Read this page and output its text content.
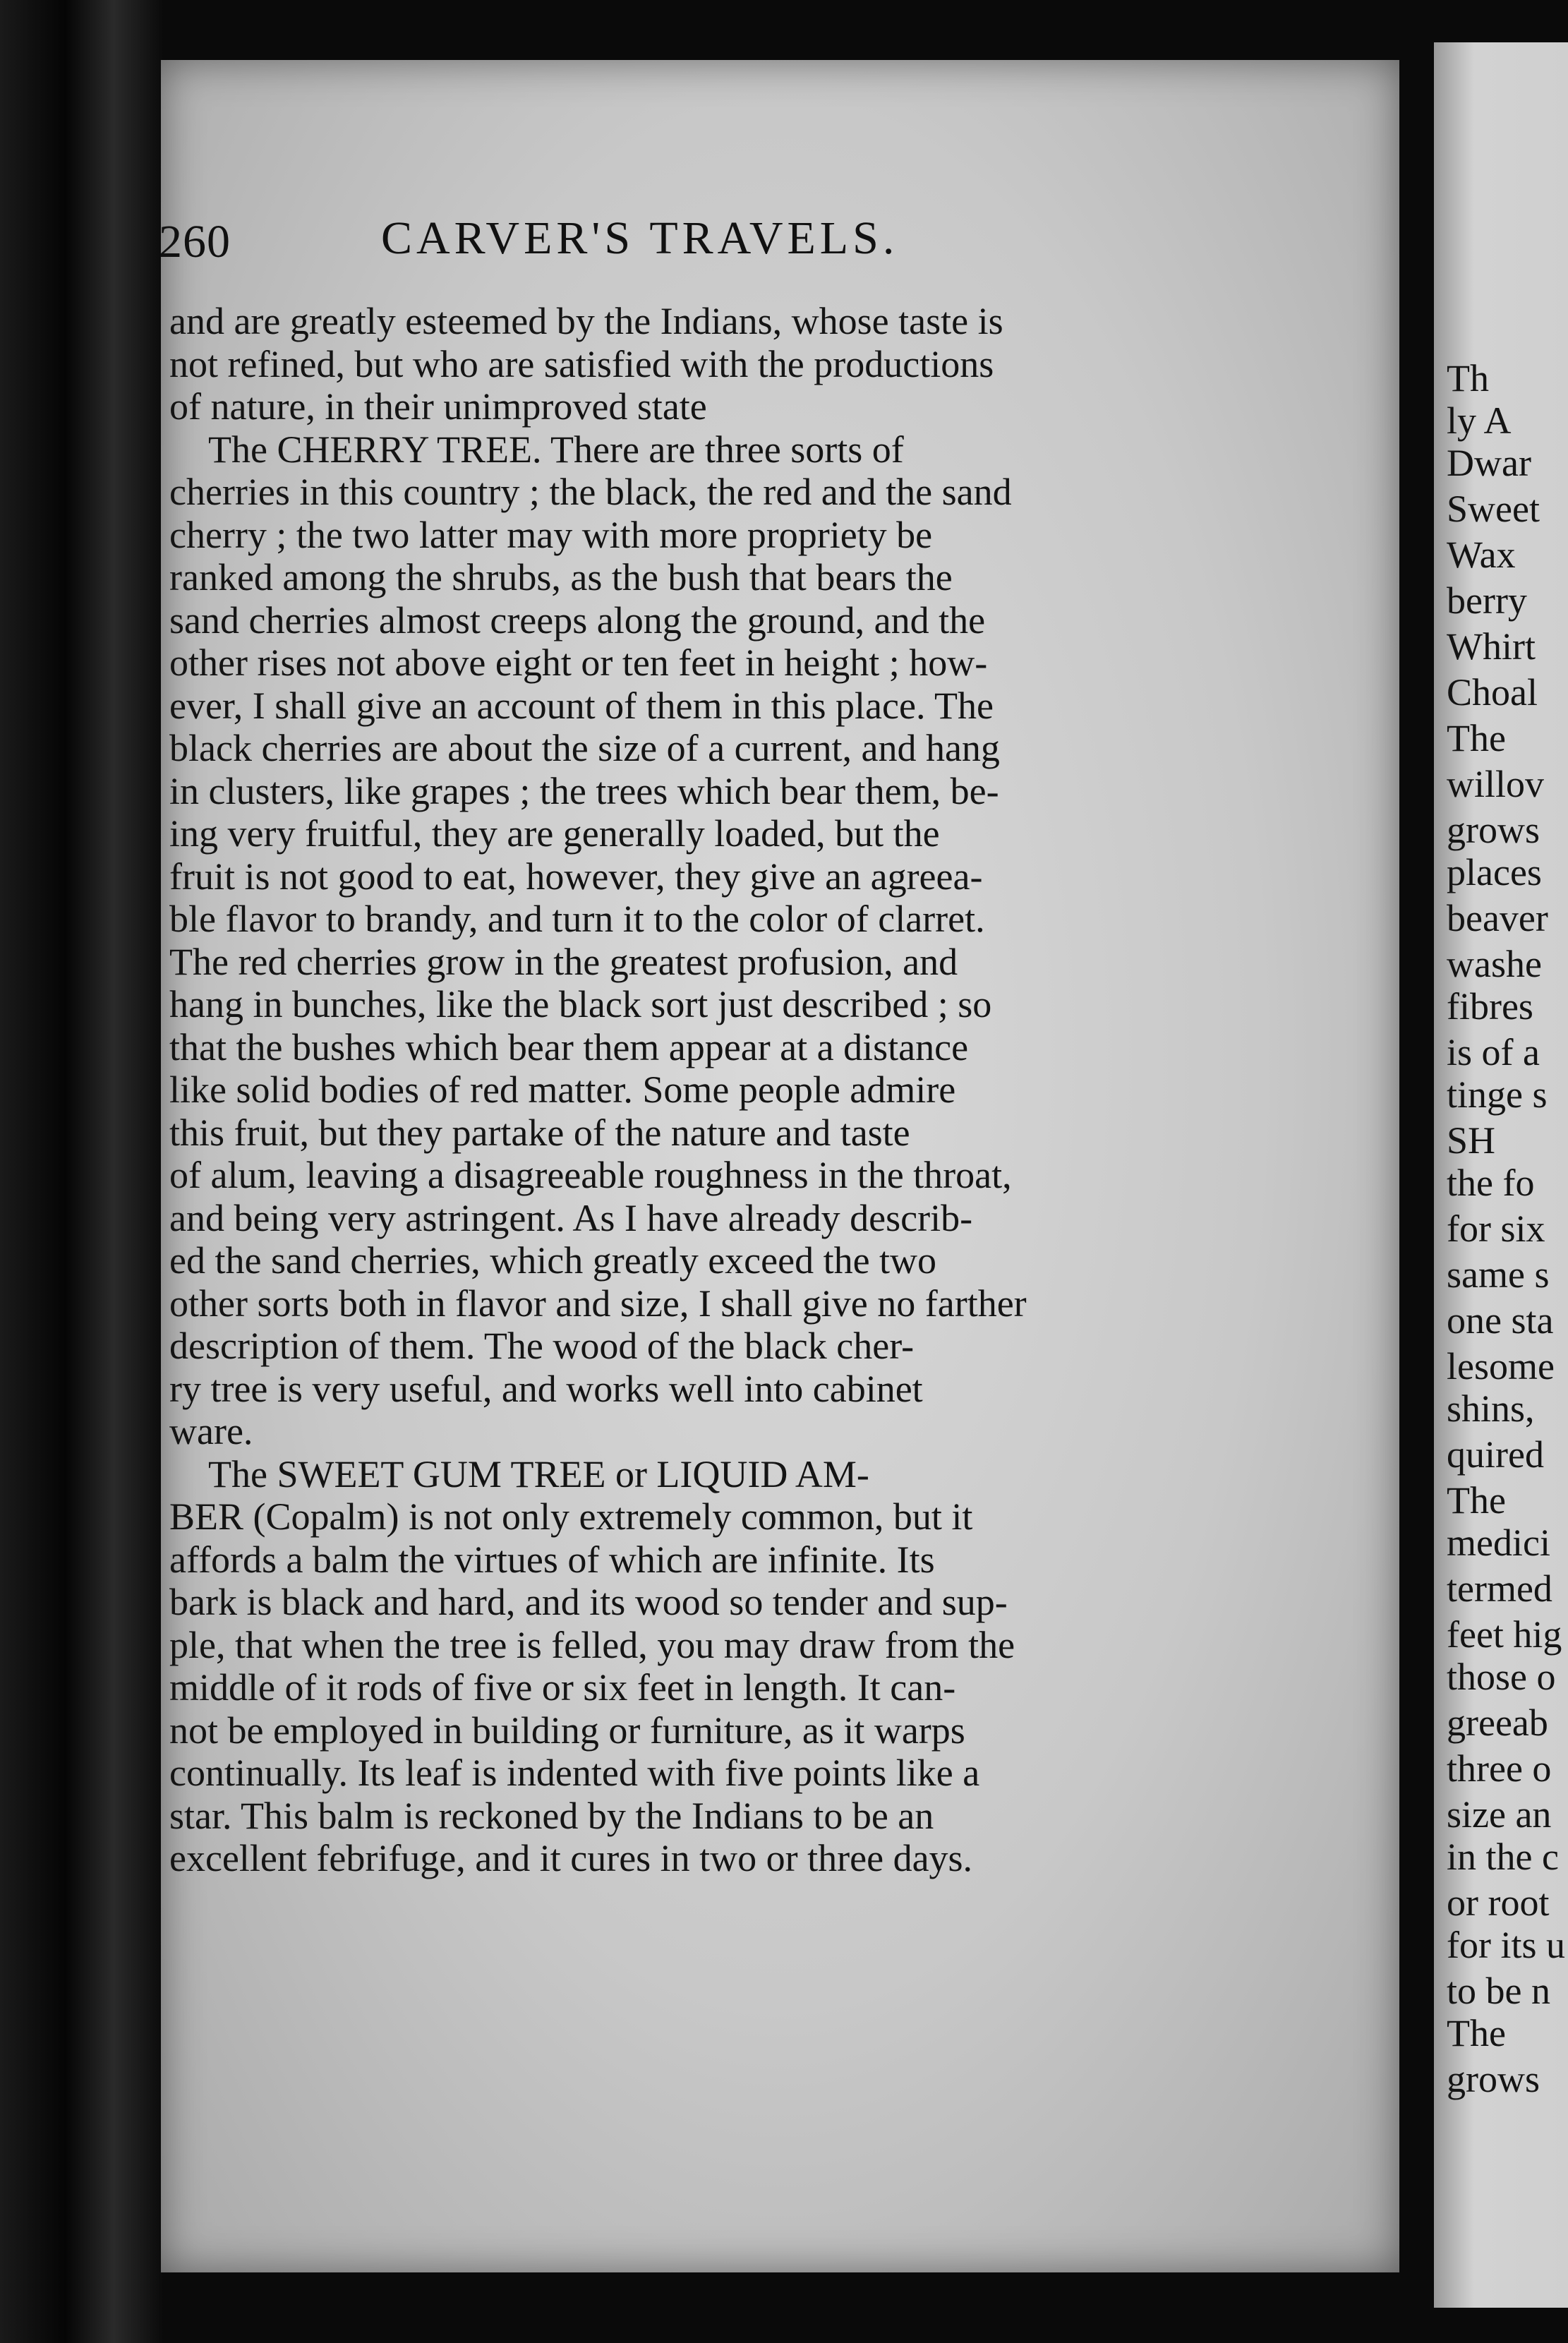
260	CARVER'S TRAVELS.
and are greatly esteemed by the Indians, whose taste is
not refined, but who are satisfied with the productions
of nature, in their unimproved state
The CHERRY TREE. There are three sorts of
cherries in this country ; the black, the red and the sand
cherry ; the two latter may with more propriety be
ranked among the shrubs, as the bush that bears the
sand cherries almost creeps along the ground, and the
other rises not above eight or ten feet in height ; how-
ever, I shall give an account of them in this place. The
black cherries are about the size of a current, and hang
in clusters, like grapes ; the trees which bear them, be-
ing very fruitful, they are generally loaded, but the
fruit is not good to eat, however, they give an agreea-
ble flavor to brandy, and turn it to the color of clarret.
The red cherries grow in the greatest profusion, and
hang in bunches, like the black sort just described ; so
that the bushes which bear them appear at a distance
like solid bodies of red matter. Some people admire
this fruit, but they partake of the nature and taste
of alum, leaving a disagreeable roughness in the throat,
and being very astringent. As I have already describ-
ed the sand cherries, which greatly exceed the two
other sorts both in flavor and size, I shall give no farther
description of them. The wood of the black cher-
ry tree is very useful, and works well into cabinet
ware.
The SWEET GUM TREE or LIQUID AM-
BER (Copalm) is not only extremely common, but it
affords a balm the virtues of which are infinite. Its
bark is black and hard, and its wood so tender and sup-
ple, that when the tree is felled, you may draw from the
middle of it rods of five or six feet in length. It can-
not be employed in building or furniture, as it warps
continually. Its leaf is indented with five points like a
star. This balm is reckoned by the Indians to be an
excellent febrifuge, and it cures in two or three days.
Th
ly A
Dwar
Sweet
Wax
berry
Whirt
Choal
The
willov
grows
places
beaver
washe
fibres
is of a
tinge s
SH
the fo
for six
same s
one sta
lesome
shins,
quired
The
medici
termed
feet hig
those o
greeab
three o
size an
in the c
or root
for its u
to be n
The
grows
